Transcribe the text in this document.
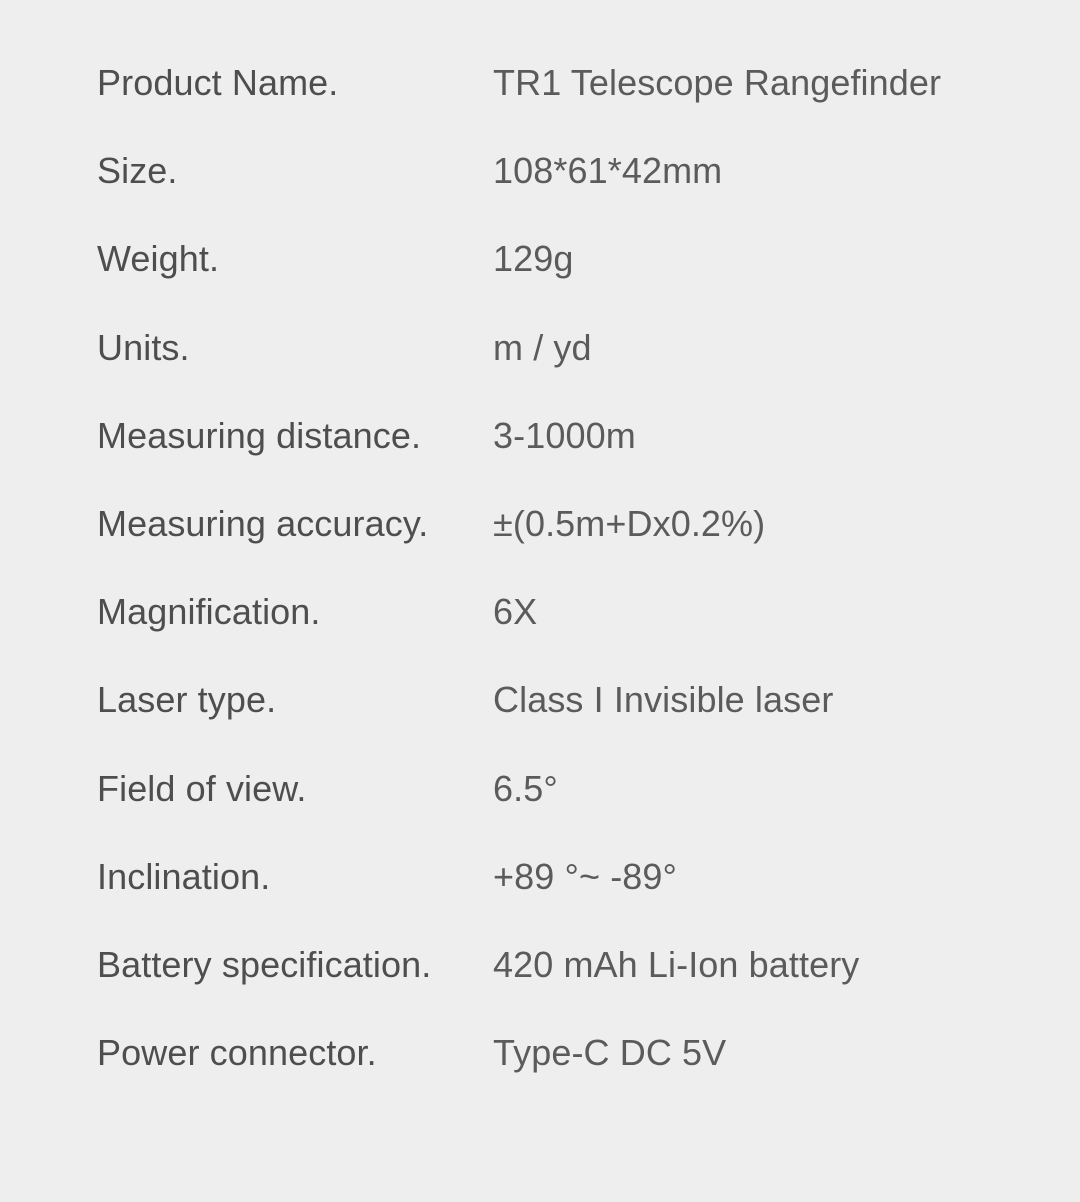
Product Name.	TR1 Telescope Rangefinder
Size.	108*61*42mm
Weight.	129g
Units.	m / yd
Measuring distance.	3-1000m
Measuring accuracy.	±(0.5m+Dx0.2%)
Magnification.	6X
Laser type.	Class I Invisible laser
Field of view.	6.5°
Inclination.	+89 °~ -89°
Battery specification.	420 mAh Li-Ion battery
Power connector.	Type-C DC 5V
